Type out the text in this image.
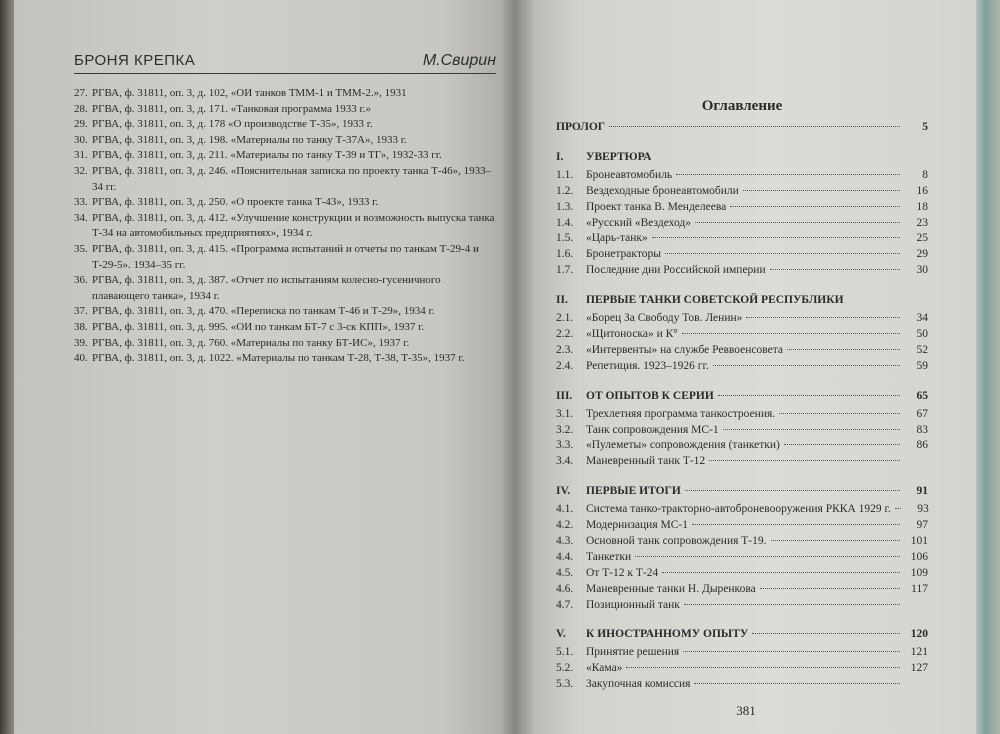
БРОНЯ КРЕПКА	М.Свирин
27. РГВА, ф. 31811, оп. 3, д. 102, «ОИ танков ТММ-1 и ТММ-2.», 1931
28. РГВА, ф. 31811, оп. 3, д. 171. «Танковая программа 1933 г.»
29. РГВА, ф. 31811, оп. 3, д. 178 «О производстве Т-35», 1933 г.
30. РГВА, ф. 31811, оп. 3, д. 198. «Материалы по танку Т-37А», 1933 г.
31. РГВА, ф. 31811, оп. 3, д. 211. «Материалы по танку Т-39 и ТГ», 1932-33 гг.
32. РГВА, ф. 31811, оп. 3, д. 246. «Пояснительная записка по проекту танка Т-46», 1933–34 гг.
33. РГВА, ф. 31811, оп. 3, д. 250. «О проекте танка Т-43», 1933 г.
34. РГВА, ф. 31811, оп. 3, д. 412. «Улучшение конструкции и возможность выпуска танка Т-34 на автомобильных предприятиях», 1934 г.
35. РГВА, ф. 31811, оп. 3, д. 415. «Программа испытаний и отчеты по танкам Т-29-4 и Т-29-5». 1934–35 гг.
36. РГВА, ф. 31811, оп. 3, д. 387. «Отчет по испытаниям колесно-гусеничного плавающего танка», 1934 г.
37. РГВА, ф. 31811, оп. 3, д. 470. «Переписка по танкам Т-46 и Т-29», 1934 г.
38. РГВА, ф. 31811, оп. 3, д. 995. «ОИ по танкам БТ-7 с 3-ск КПП», 1937 г.
39. РГВА, ф. 31811, оп. 3, д. 760. «Материалы по танку БТ-ИС», 1937 г.
40. РГВА, ф. 31811, оп. 3, д. 1022. «Материалы по танкам Т-28, Т-38, Т-35», 1937 г.
Оглавление
ПРОЛОГ	5
I.	УВЕРТЮРА
1.1.	Бронеавтомобиль	8
1.2.	Вездеходные бронеавтомобили	16
1.3.	Проект танка В. Менделеева	18
1.4.	«Русский «Вездеход»	23
1.5.	«Царь-танк»	25
1.6.	Бронетракторы	29
1.7.	Последние дни Российской империи	30
II.	ПЕРВЫЕ ТАНКИ СОВЕТСКОЙ РЕСПУБЛИКИ
2.1.	«Борец За Свободу Тов. Ленин»	34
2.2.	«Щитоноска» и К°	50
2.3.	«Интервенты» на службе Реввоенсовета	52
2.4.	Репетиция. 1923–1926 гг.	59
III.	ОТ ОПЫТОВ К СЕРИИ	65
3.1.	Трехлетняя программа танкостроения.	67
3.2.	Танк сопровождения МС-1	83
3.3.	«Пулеметы» сопровождения (танкетки)	86
3.4.	Маневренный танк Т-12
IV.	ПЕРВЫЕ ИТОГИ	91
4.1.	Система танко-тракторно-автоброневооружения РККА 1929 г.	93
4.2.	Модернизация МС-1	97
4.3.	Основной танк сопровождения Т-19.	101
4.4.	Танкетки	106
4.5.	От Т-12 к Т-24	109
4.6.	Маневренные танки Н. Дыренкова	117
4.7.	Позиционный танк
V.	К ИНОСТРАННОМУ ОПЫТУ	120
5.1.	Принятие решения	121
5.2.	«Кама»	127
5.3.	Закупочная комиссия
381
